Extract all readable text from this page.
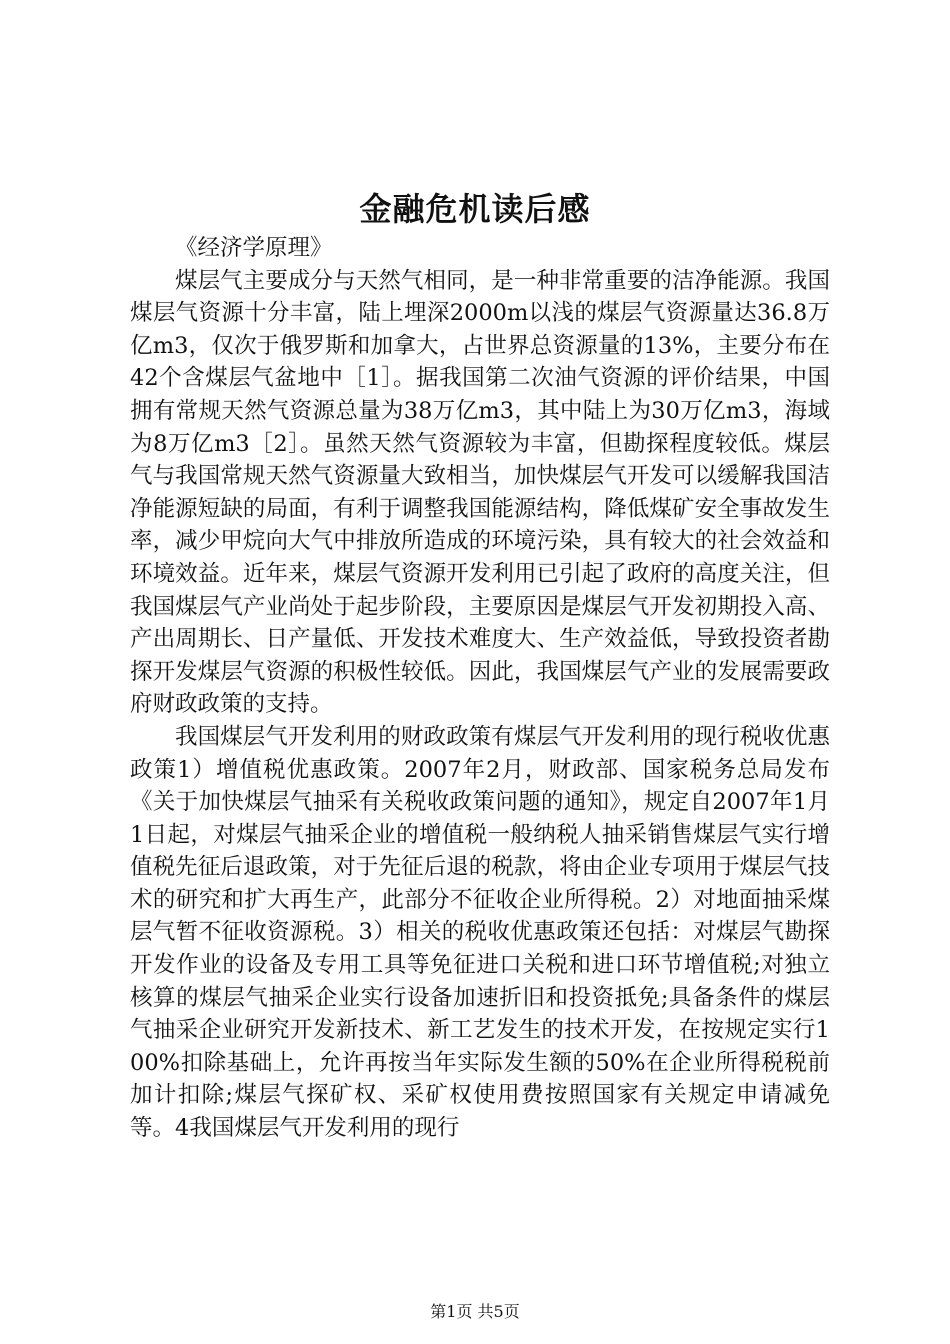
金融危机读后感

《经济学原理》

煤层气主要成分与天然气相同，是一种非常重要的洁净能源。我国煤层气资源十分丰富，陆上埋深2000m以浅的煤层气资源量达36.8万亿m3，仅次于俄罗斯和加拿大，占世界总资源量的13%，主要分布在42个含煤层气盆地中［1］。据我国第二次油气资源的评价结果，中国拥有常规天然气资源总量为38万亿m3，其中陆上为30万亿m3，海域为8万亿m3［2］。虽然天然气资源较为丰富，但勘探程度较低。煤层气与我国常规天然气资源量大致相当，加快煤层气开发可以缓解我国洁净能源短缺的局面，有利于调整我国能源结构，降低煤矿安全事故发生率，减少甲烷向大气中排放所造成的环境污染，具有较大的社会效益和环境效益。近年来，煤层气资源开发利用已引起了政府的高度关注，但我国煤层气产业尚处于起步阶段，主要原因是煤层气开发初期投入高、产出周期长、日产量低、开发技术难度大、生产效益低，导致投资者勘探开发煤层气资源的积极性较低。因此，我国煤层气产业的发展需要政府财政政策的支持。

我国煤层气开发利用的财政政策有煤层气开发利用的现行税收优惠政策1）增值税优惠政策。2007年2月，财政部、国家税务总局发布《关于加快煤层气抽采有关税收政策问题的通知》，规定自2007年1月1日起，对煤层气抽采企业的增值税一般纳税人抽采销售煤层气实行增值税先征后退政策，对于先征后退的税款，将由企业专项用于煤层气技术的研究和扩大再生产，此部分不征收企业所得税。2）对地面抽采煤层气暂不征收资源税。3）相关的税收优惠政策还包括：对煤层气勘探开发作业的设备及专用工具等免征进口关税和进口环节增值税;对独立核算的煤层气抽采企业实行设备加速折旧和投资抵免;具备条件的煤层气抽采企业研究开发新技术、新工艺发生的技术开发，在按规定实行100%扣除基础上，允许再按当年实际发生额的50%在企业所得税税前加计扣除;煤层气探矿权、采矿权使用费按照国家有关规定申请减免等。4我国煤层气开发利用的现行

第1页 共5页
